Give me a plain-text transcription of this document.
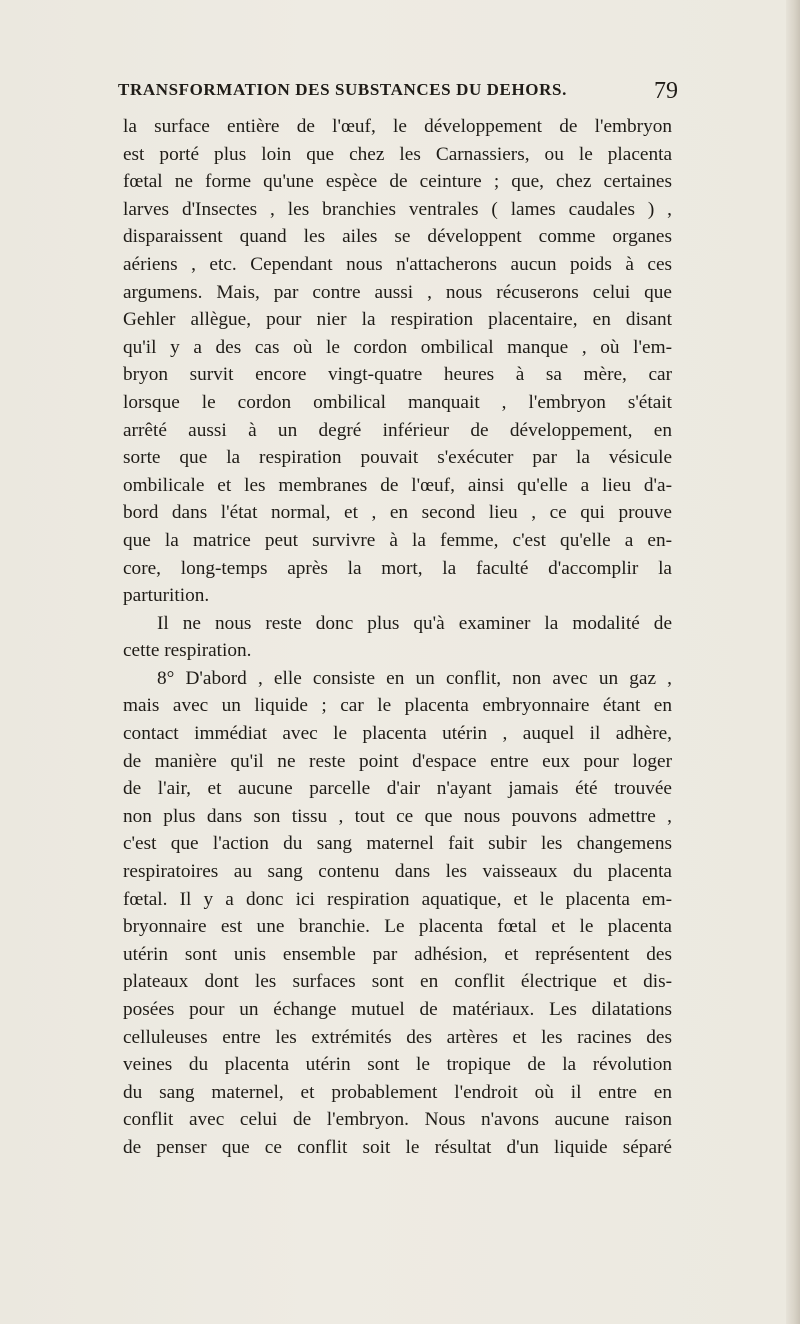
TRANSFORMATION DES SUBSTANCES DU DEHORS.	79
la surface entière de l'œuf, le développement de l'embryon
est porté plus loin que chez les Carnassiers, ou le placenta
fœtal ne forme qu'une espèce de ceinture ; que, chez certaines
larves d'Insectes , les branchies ventrales ( lames caudales ) ,
disparaissent quand les ailes se développent comme organes
aériens , etc. Cependant nous n'attacherons aucun poids à ces
argumens. Mais, par contre aussi , nous récuserons celui que
Gehler allègue, pour nier la respiration placentaire, en disant
qu'il y a des cas où le cordon ombilical manque , où l'em-
bryon survit encore vingt-quatre heures à sa mère, car
lorsque le cordon ombilical manquait , l'embryon s'était
arrêté aussi à un degré inférieur de développement, en
sorte que la respiration pouvait s'exécuter par la vésicule
ombilicale et les membranes de l'œuf, ainsi qu'elle a lieu d'a-
bord dans l'état normal, et , en second lieu , ce qui prouve
que la matrice peut survivre à la femme, c'est qu'elle a en-
core, long-temps après la mort, la faculté d'accomplir la
parturition.
Il ne nous reste donc plus qu'à examiner la modalité de
cette respiration.
8° D'abord , elle consiste en un conflit, non avec un gaz ,
mais avec un liquide ; car le placenta embryonnaire étant en
contact immédiat avec le placenta utérin , auquel il adhère,
de manière qu'il ne reste point d'espace entre eux pour loger
de l'air, et aucune parcelle d'air n'ayant jamais été trouvée
non plus dans son tissu , tout ce que nous pouvons admettre ,
c'est que l'action du sang maternel fait subir les changemens
respiratoires au sang contenu dans les vaisseaux du placenta
fœtal. Il y a donc ici respiration aquatique, et le placenta em-
bryonnaire est une branchie. Le placenta fœtal et le placenta
utérin sont unis ensemble par adhésion, et représentent des
plateaux dont les surfaces sont en conflit électrique et dis-
posées pour un échange mutuel de matériaux. Les dilatations
celluleuses entre les extrémités des artères et les racines des
veines du placenta utérin sont le tropique de la révolution
du sang maternel, et probablement l'endroit où il entre en
conflit avec celui de l'embryon. Nous n'avons aucune raison
de penser que ce conflit soit le résultat d'un liquide séparé
